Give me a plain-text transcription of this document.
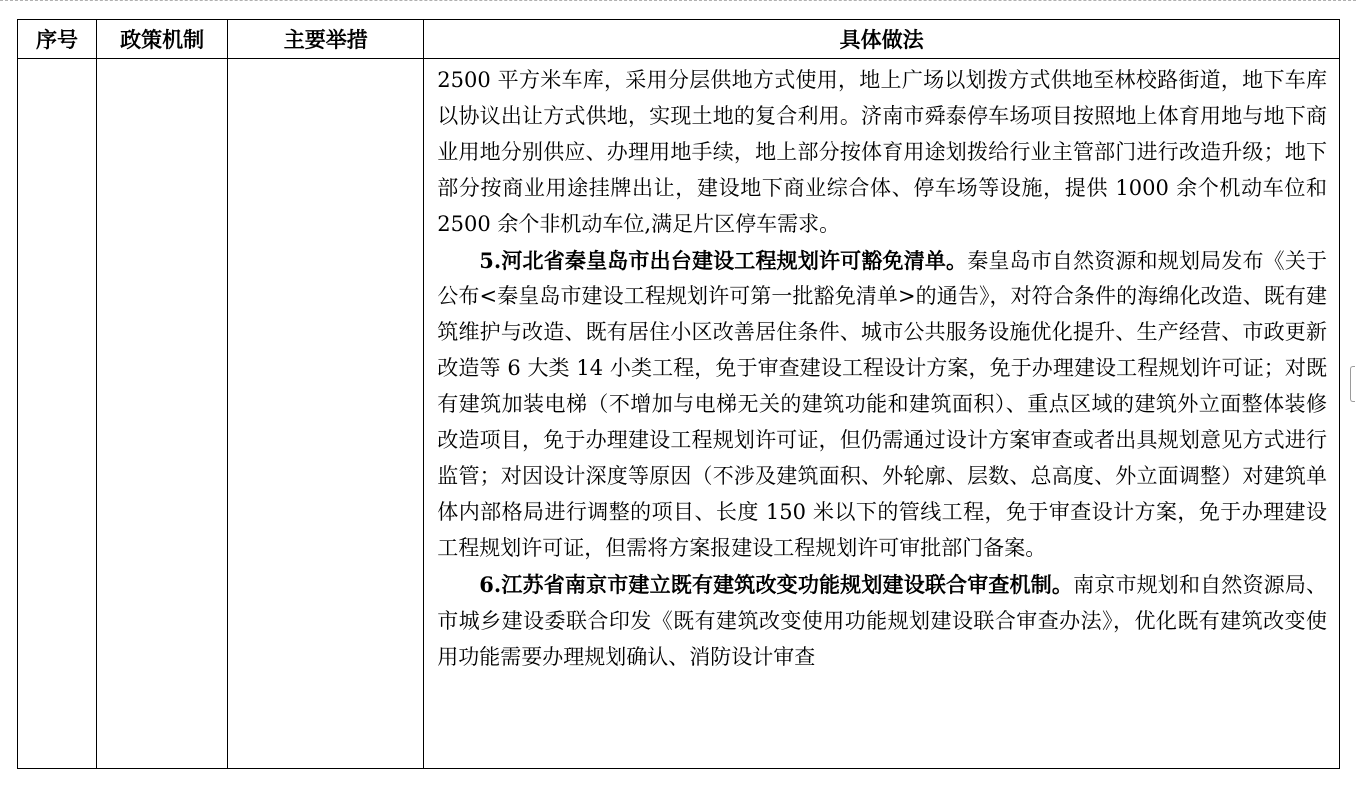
序号	政策机制	主要举措	具体做法

			2500 平方米车库，采用分层供地方式使用，地上广场以划拨方式供地至林校路街道，地下车库以协议出让方式供地，实现土地的复合利用。济南市舜泰停车场项目按照地上体育用地与地下商业用地分别供应、办理用地手续，地上部分按体育用途划拨给行业主管部门进行改造升级；地下部分按商业用途挂牌出让，建设地下商业综合体、停车场等设施，提供 1000 余个机动车位和 2500 余个非机动车位,满足片区停车需求。

5.河北省秦皇岛市出台建设工程规划许可豁免清单。秦皇岛市自然资源和规划局发布《关于公布<秦皇岛市建设工程规划许可第一批豁免清单>的通告》，对符合条件的海绵化改造、既有建筑维护与改造、既有居住小区改善居住条件、城市公共服务设施优化提升、生产经营、市政更新改造等 6 大类 14 小类工程，免于审查建设工程设计方案，免于办理建设工程规划许可证；对既有建筑加装电梯（不增加与电梯无关的建筑功能和建筑面积）、重点区域的建筑外立面整体装修改造项目，免于办理建设工程规划许可证，但仍需通过设计方案审查或者出具规划意见方式进行监管；对因设计深度等原因（不涉及建筑面积、外轮廓、层数、总高度、外立面调整）对建筑单体内部格局进行调整的项目、长度 150 米以下的管线工程，免于审查设计方案，免于办理建设工程规划许可证，但需将方案报建设工程规划许可审批部门备案。

6.江苏省南京市建立既有建筑改变功能规划建设联合审查机制。南京市规划和自然资源局、市城乡建设委联合印发《既有建筑改变使用功能规划建设联合审查办法》，优化既有建筑改变使用功能需要办理规划确认、消防设计审查
